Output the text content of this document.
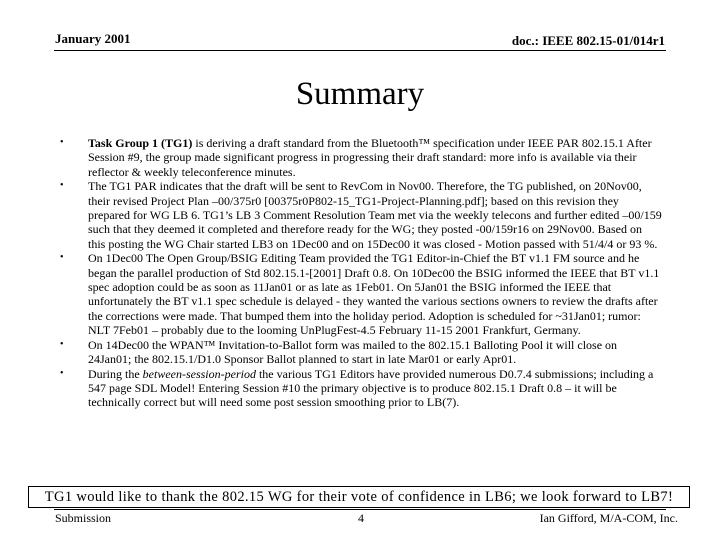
January 2001	doc.: IEEE 802.15-01/014r1
Summary
• Task Group 1 (TG1) is deriving a draft standard from the Bluetooth™ specification under IEEE PAR 802.15.1 After Session #9, the group made significant progress in progressing their draft standard: more info is available via their reflector & weekly teleconference minutes.
• The TG1 PAR indicates that the draft will be sent to RevCom in Nov00. Therefore, the TG published, on 20Nov00, their revised Project Plan –00/375r0 [00375r0P802-15_TG1-Project-Planning.pdf]; based on this revision they prepared for WG LB 6. TG1’s LB 3 Comment Resolution Team met via the weekly telecons and further edited –00/159 such that they deemed it completed and therefore ready for the WG; they posted -00/159r16 on 29Nov00. Based on this posting the WG Chair started LB3 on 1Dec00 and on 15Dec00 it was closed - Motion passed with 51/4/4 or 93 %.
• On 1Dec00 The Open Group/BSIG Editing Team provided the TG1 Editor-in-Chief the BT v1.1 FM source and he began the parallel production of Std 802.15.1-[2001] Draft 0.8. On 10Dec00 the BSIG informed the IEEE that BT v1.1 spec adoption could be as soon as 11Jan01 or as late as 1Feb01. On 5Jan01 the BSIG informed the IEEE that unfortunately the BT v1.1 spec schedule is delayed - they wanted the various sections owners to review the drafts after the corrections were made. That bumped them into the holiday period. Adoption is scheduled for ~31Jan01; rumor: NLT 7Feb01 – probably due to the looming UnPlugFest-4.5 February 11-15 2001 Frankfurt, Germany.
• On 14Dec00 the WPAN™ Invitation-to-Ballot form was mailed to the 802.15.1 Balloting Pool it will close on 24Jan01; the 802.15.1/D1.0 Sponsor Ballot planned to start in late Mar01 or early Apr01.
• During the between-session-period the various TG1 Editors have provided numerous D0.7.4 submissions; including a 547 page SDL Model! Entering Session #10 the primary objective is to produce 802.15.1 Draft 0.8 – it will be technically correct but will need some post session smoothing prior to LB(7).
TG1 would like to thank the 802.15 WG for their vote of confidence in LB6; we look forward to LB7!
Submission	4	Ian Gifford, M/A-COM, Inc.
